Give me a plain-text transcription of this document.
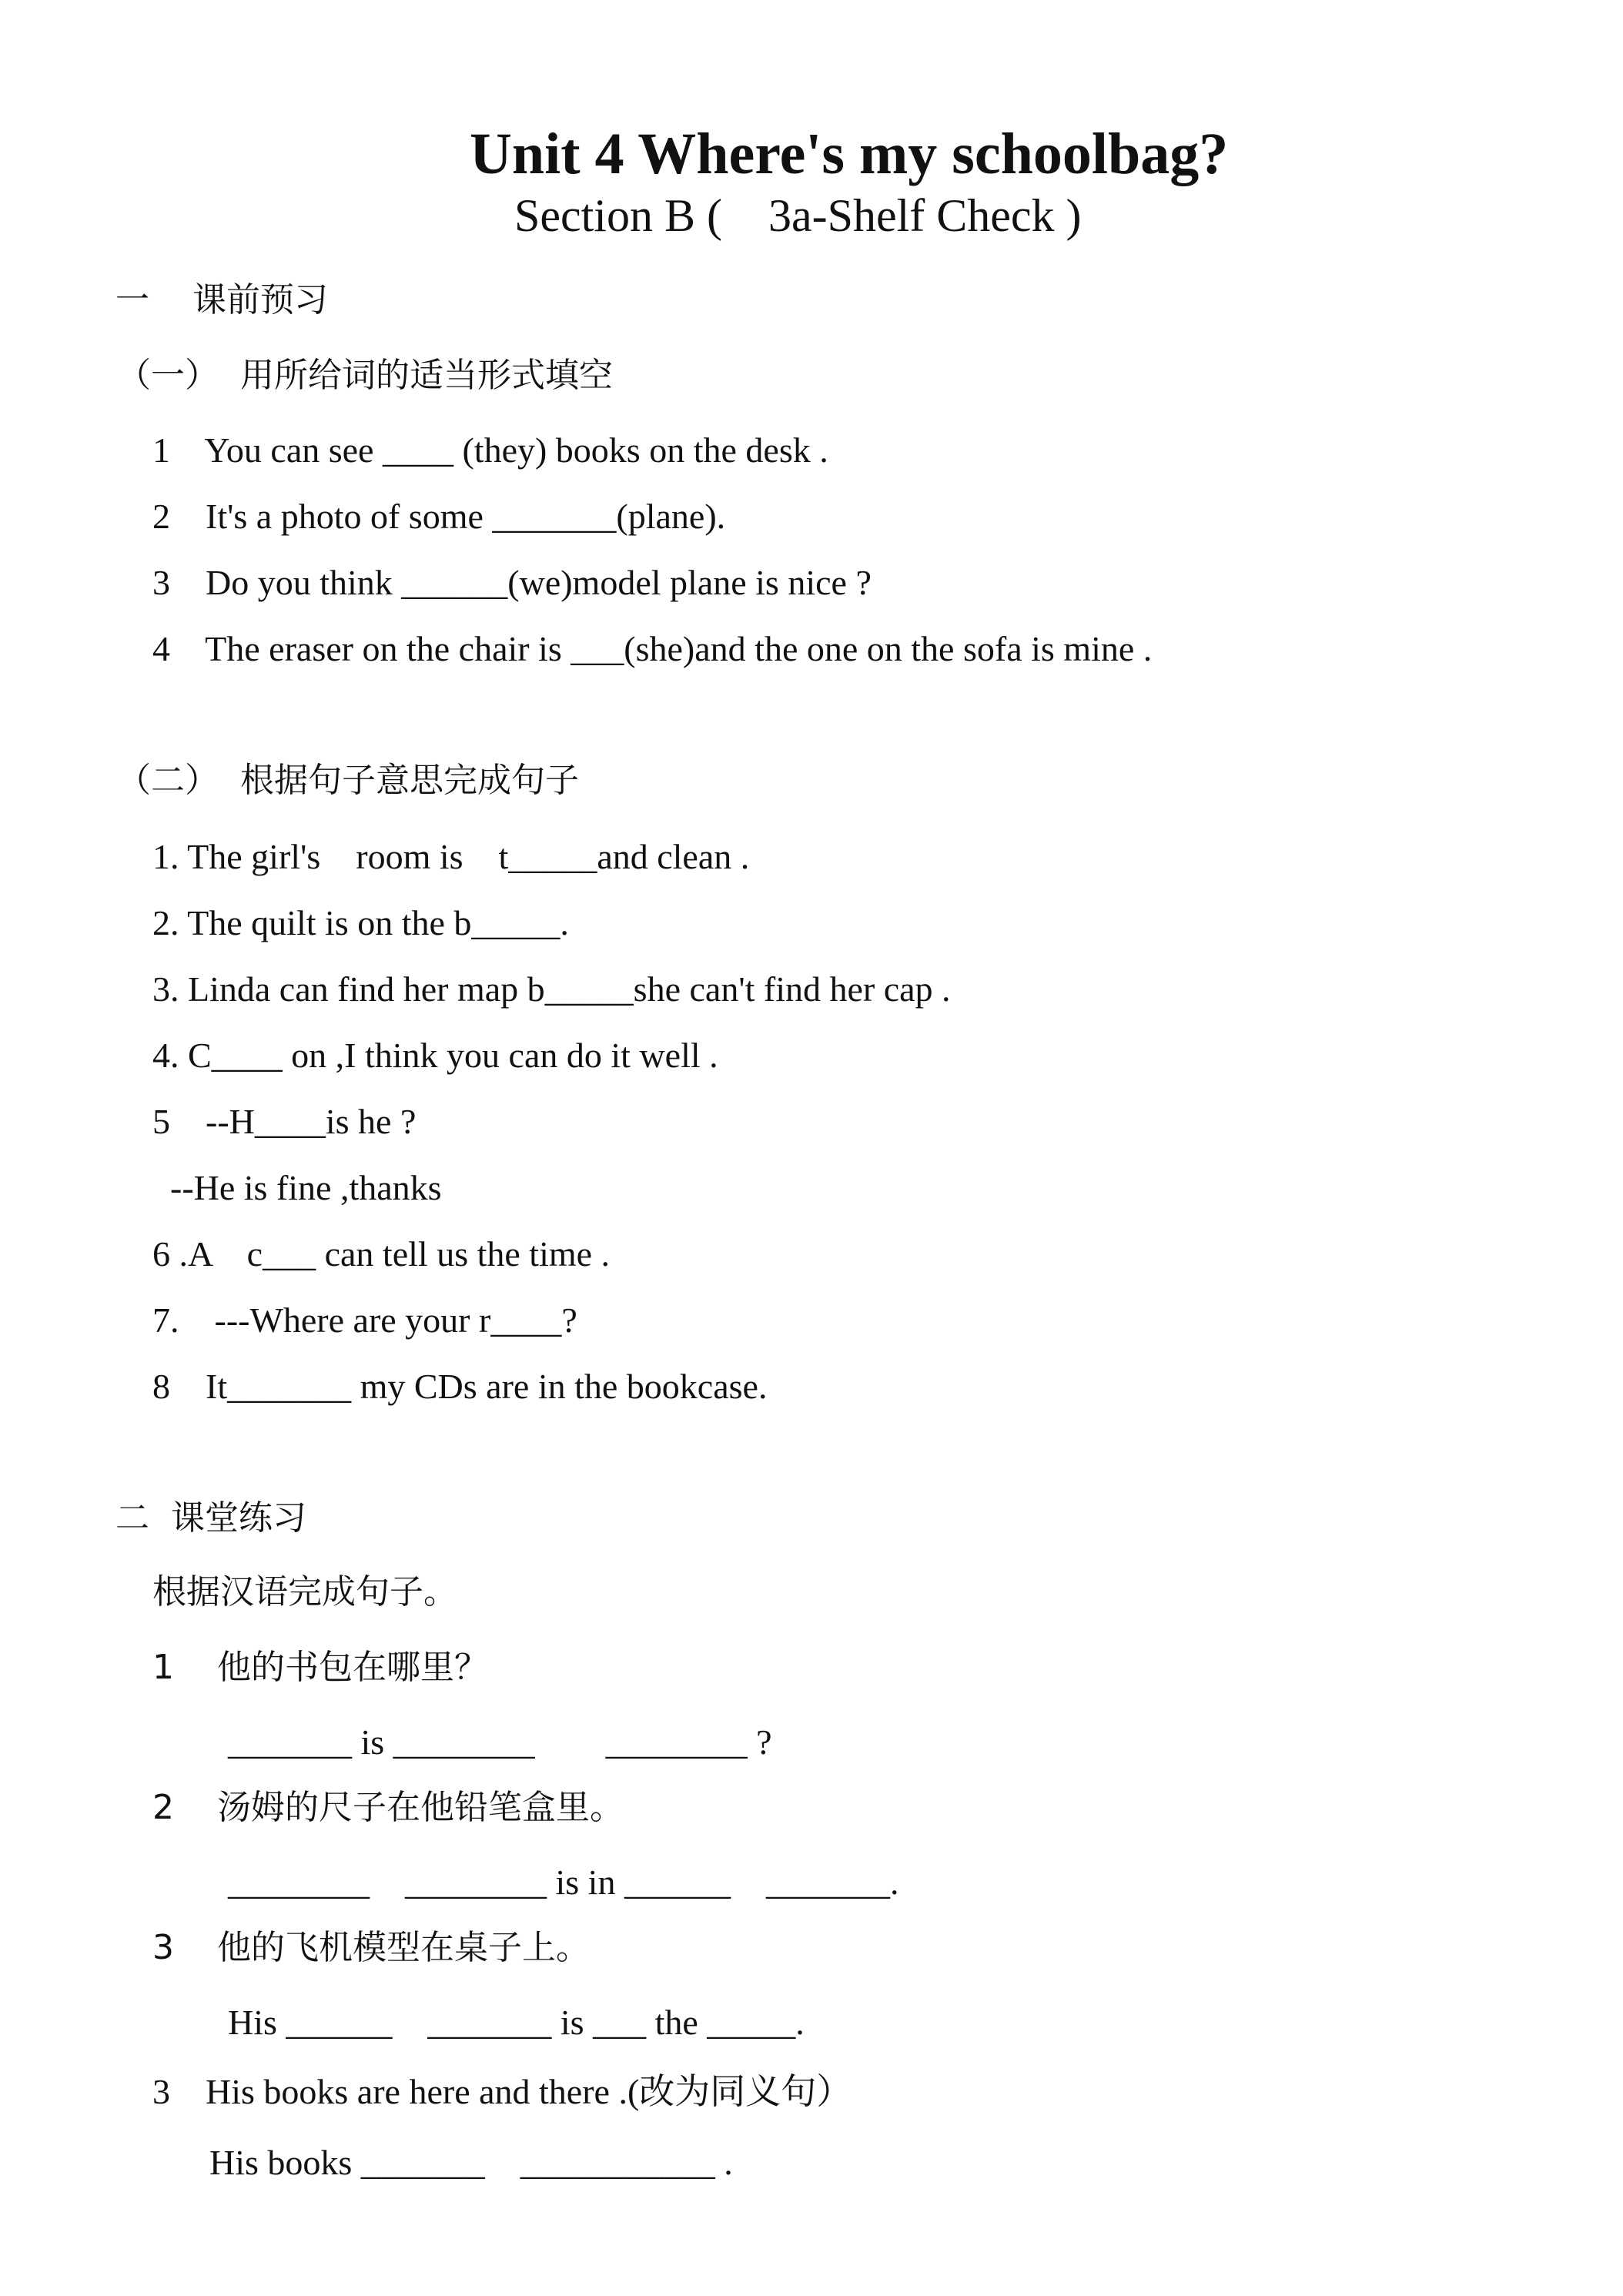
Unit 4 Where's my schoolbag?
Section B (    3a-Shelf Check )
一    课前预习
（一）  用所给词的适当形式填空
1    You can see ____ (they) books on the desk .
2    It's a photo of some _______(plane).
3    Do you think ______(we)model plane is nice ?
4    The eraser on the chair is ___(she)and the one on the sofa is mine .
（二）  根据句子意思完成句子
1. The girl's    room is    t_____and clean .
2. The quilt is on the b_____.
3. Linda can find her map b_____she can't find her cap .
4. C____ on ,I think you can do it well .
5    --H____is he ?
--He is fine ,thanks
6 .A    c___ can tell us the time .
7.    ---Where are your r____?
8    It_______ my CDs are in the bookcase.
二  课堂练习
根据汉语完成句子。
1    他的书包在哪里？
_______ is ________        ________ ?
2    汤姆的尺子在他铅笔盒里。
________    ________ is in ______    _______.
3    他的飞机模型在桌子上。
His ______    _______ is ___ the _____.
3    His books are here and there .(改为同义句）
His books _______    ___________ .
